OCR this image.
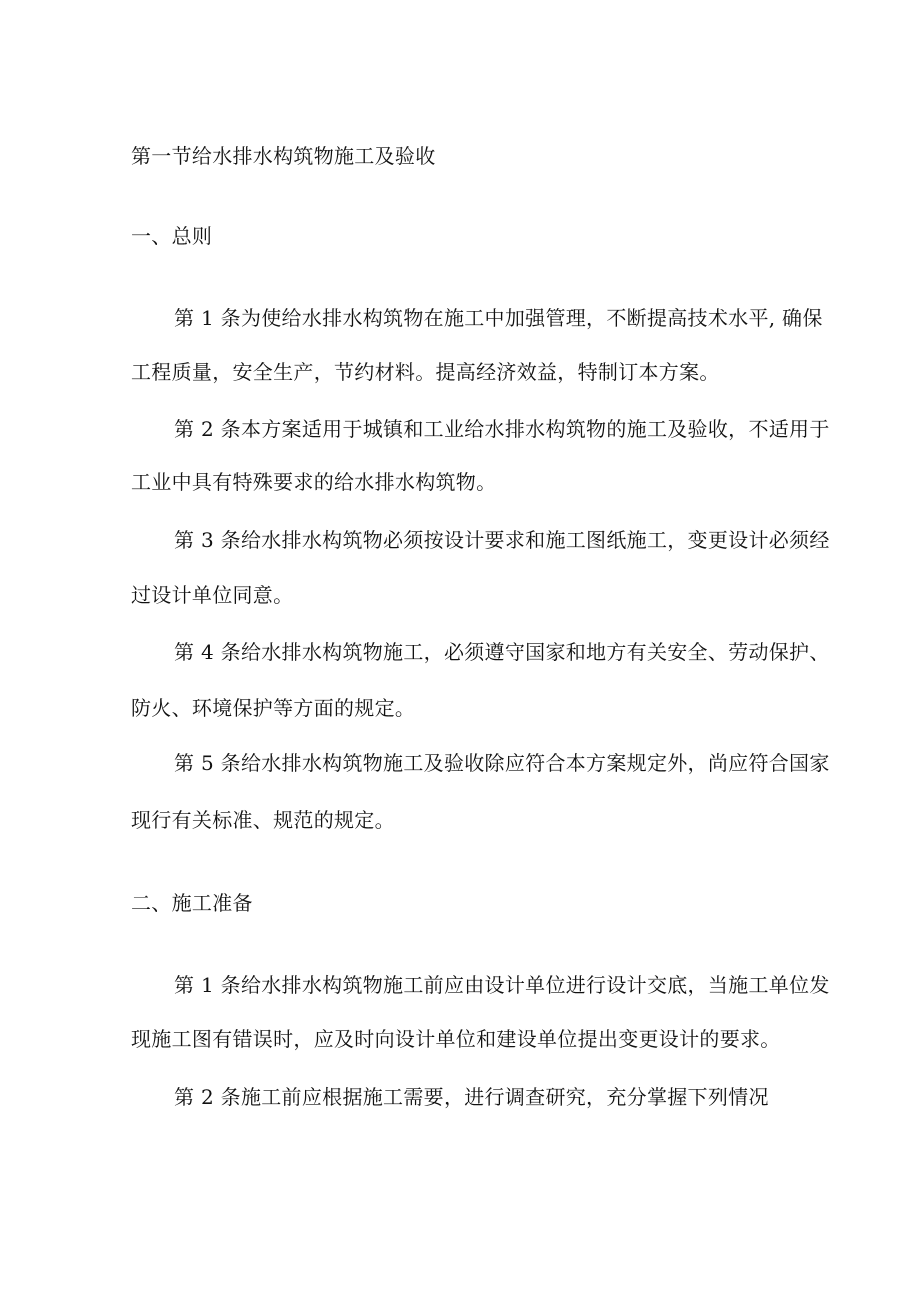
第一节给水排水构筑物施工及验收
一、总则
第 1 条为使给水排水构筑物在施工中加强管理，不断提高技术水平, 确保
工程质量，安全生产，节约材料。提高经济效益，特制订本方案。
第 2 条本方案适用于城镇和工业给水排水构筑物的施工及验收，不适用于
工业中具有特殊要求的给水排水构筑物。
第 3 条给水排水构筑物必须按设计要求和施工图纸施工，变更设计必须经
过设计单位同意。
第 4 条给水排水构筑物施工，必须遵守国家和地方有关安全、劳动保护、
防火、环境保护等方面的规定。
第 5 条给水排水构筑物施工及验收除应符合本方案规定外，尚应符合国家
现行有关标准、规范的规定。
二、施工准备
第 1 条给水排水构筑物施工前应由设计单位进行设计交底，当施工单位发
现施工图有错误时，应及时向设计单位和建设单位提出变更设计的要求。
第 2 条施工前应根据施工需要，进行调查研究，充分掌握下列情况
